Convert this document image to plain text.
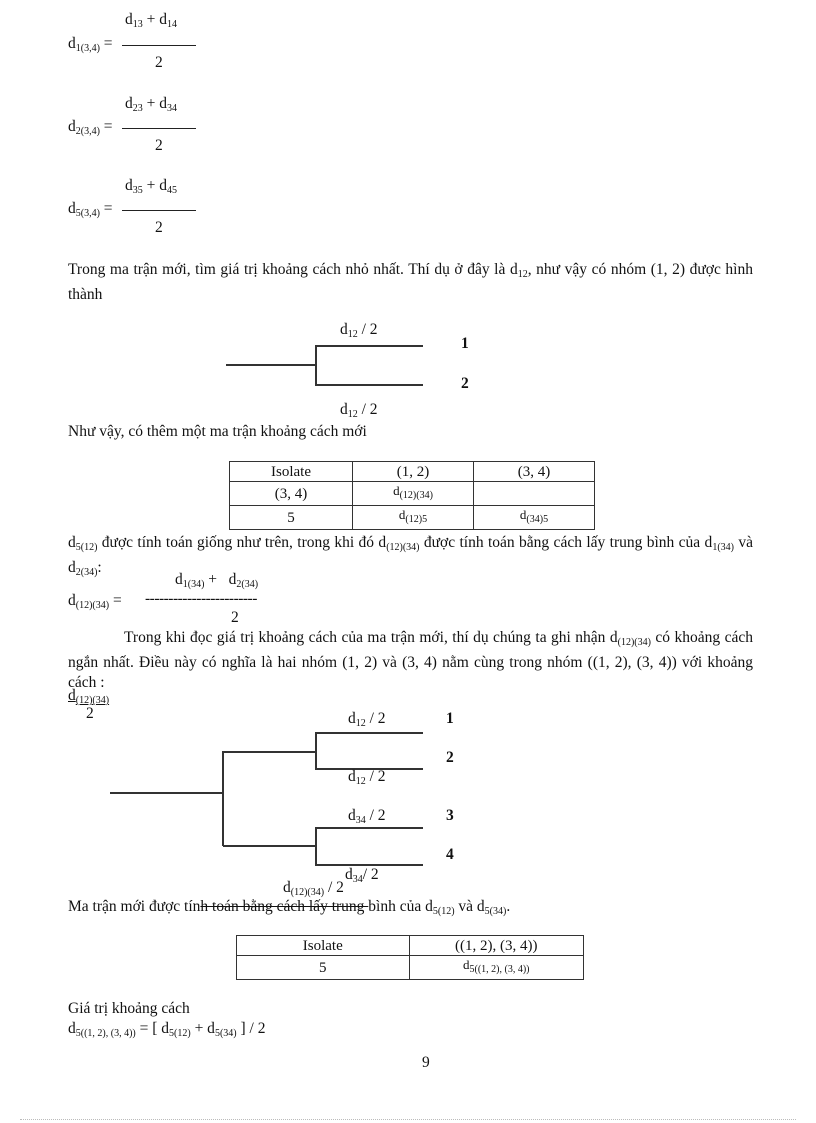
$d_{13} + d_{14}$
$d_{1(3,4)}$ =
2
$d_{23} + d_{34}$
$d_{2(3,4)}$ =
2
$d_{35} + d_{45}$
$d_{5(3,4)}$ =
2
Trong ma trận mới, tìm giá trị khoảng cách nhỏ nhất. Thí dụ ở đây là $d_{12}$, như vậy có nhóm (1, 2) được hình thành
$d_{12} / 2$
1
2
$d_{12} / 2$
Như vậy, có thêm một ma trận khoảng cách mới
Isolate	(1, 2)	(3, 4)
(3, 4)	$d_{(12)(34)}$	
5	$d_{(12)5}$	$d_{(34)5}$
$d_{5(12)}$ được tính toán giống như trên, trong khi đó $d_{(12)(34)}$ được tính toán bằng cách lấy trung bình của $d_{1(34)}$ và $d_{2(34)}$:
$d_{1(34)} + d_{2(34)}$
$d_{(12)(34)}$ = ------------------------
2
Trong khi đọc giá trị khoảng cách của ma trận mới, thí dụ chúng ta ghi nhận $d_{(12)(34)}$ có khoảng cách ngắn nhất. Điều này có nghĩa là hai nhóm (1, 2) và (3, 4) nằm cùng trong nhóm ((1, 2), (3, 4)) với khoảng cách :
$d_{(12)(34)}$
2	$d_{12} / 2$	1
2
$d_{12} / 2$
$d_{34} / 2$	3
4
$d_{34}/$ 2
$d_{(12)(34)} / 2$
Ma trận mới được tính toán bằng cách lấy trung bình của $d_{5(12)}$ và $d_{5(34)}$.
Isolate	((1, 2), (3, 4))
5	$d_{5((1, 2), (3, 4))}$
Giá trị khoảng cách
$d_{5((1, 2), (3, 4))}$ = [ $d_{5(12)} + d_{5(34)}$ ] / 2
9
